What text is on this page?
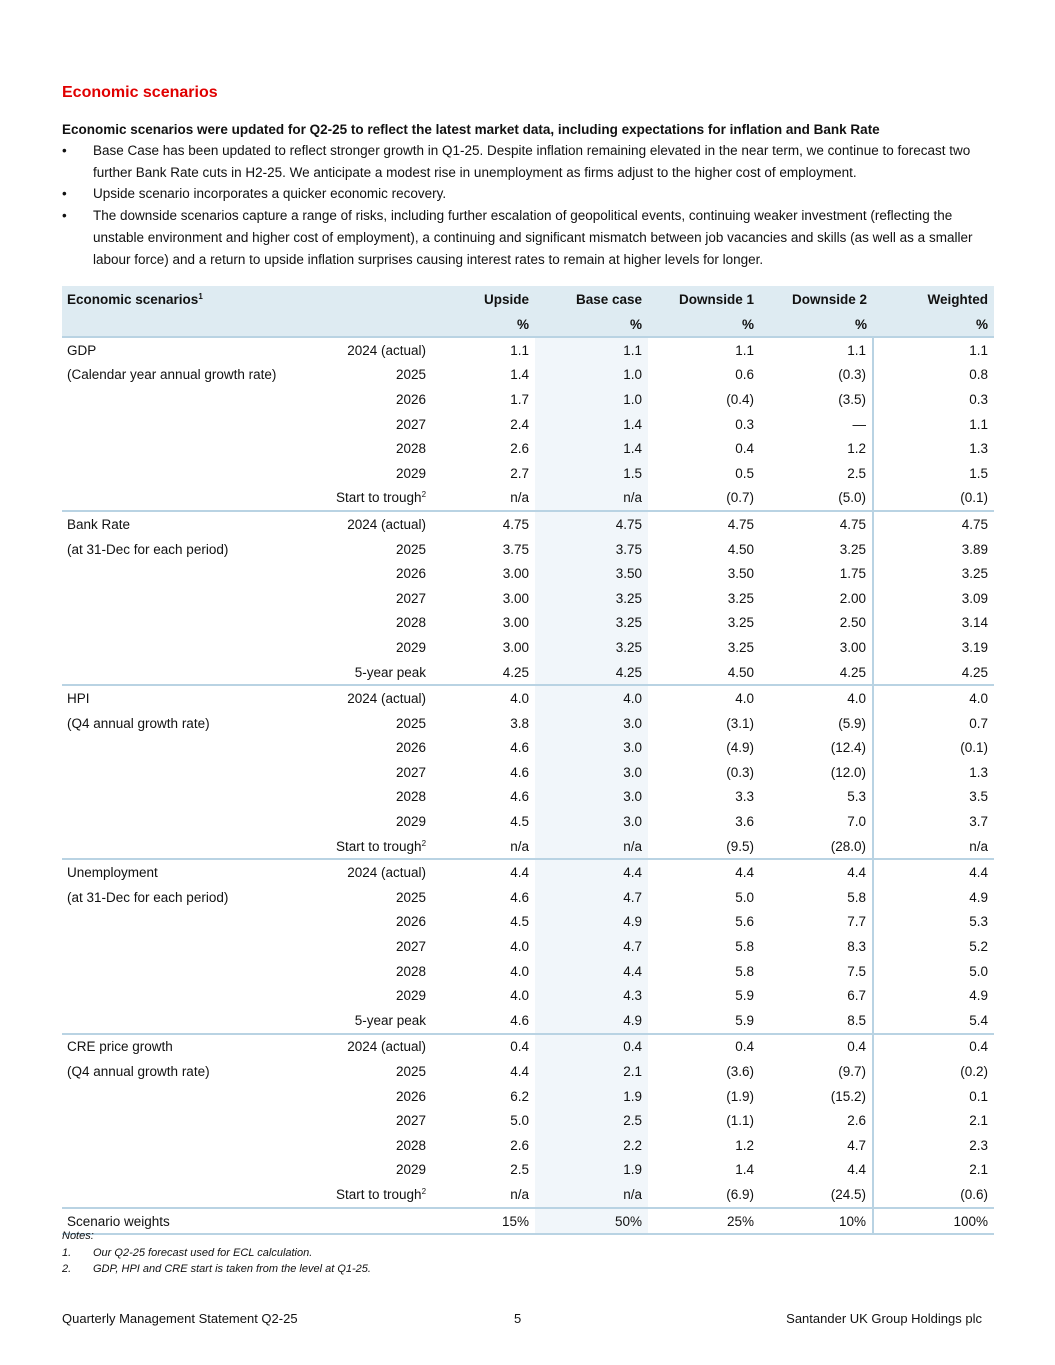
Economic scenarios
Economic scenarios were updated for Q2-25 to reflect the latest market data, including expectations for inflation and Bank Rate
• Base Case has been updated to reflect stronger growth in Q1-25. Despite inflation remaining elevated in the near term, we continue to forecast two further Bank Rate cuts in H2-25. We anticipate a modest rise in unemployment as firms adjust to the higher cost of employment.
• Upside scenario incorporates a quicker economic recovery.
• The downside scenarios capture a range of risks, including further escalation of geopolitical events, continuing weaker investment (reflecting the unstable environment and higher cost of employment), a continuing and significant mismatch between job vacancies and skills (as well as a smaller labour force) and a return to upside inflation surprises causing interest rates to remain at higher levels for longer.
Economic scenarios$^1$		Upside	Base case	Downside 1	Downside 2	Weighted
		%	%	%	%	%
GDP	2024 (actual)	1.1	1.1	1.1	1.1	1.1
(Calendar year annual growth rate)	2025	1.4	1.0	0.6	(0.3)	0.8
	2026	1.7	1.0	(0.4)	(3.5)	0.3
	2027	2.4	1.4	0.3	—	1.1
	2028	2.6	1.4	0.4	1.2	1.3
	2029	2.7	1.5	0.5	2.5	1.5
	Start to trough$^2$	n/a	n/a	(0.7)	(5.0)	(0.1)
Bank Rate	2024 (actual)	4.75	4.75	4.75	4.75	4.75
(at 31-Dec for each period)	2025	3.75	3.75	4.50	3.25	3.89
	2026	3.00	3.50	3.50	1.75	3.25
	2027	3.00	3.25	3.25	2.00	3.09
	2028	3.00	3.25	3.25	2.50	3.14
	2029	3.00	3.25	3.25	3.00	3.19
	5-year peak	4.25	4.25	4.50	4.25	4.25
HPI	2024 (actual)	4.0	4.0	4.0	4.0	4.0
(Q4 annual growth rate)	2025	3.8	3.0	(3.1)	(5.9)	0.7
	2026	4.6	3.0	(4.9)	(12.4)	(0.1)
	2027	4.6	3.0	(0.3)	(12.0)	1.3
	2028	4.6	3.0	3.3	5.3	3.5
	2029	4.5	3.0	3.6	7.0	3.7
	Start to trough$^2$	n/a	n/a	(9.5)	(28.0)	n/a
Unemployment	2024 (actual)	4.4	4.4	4.4	4.4	4.4
(at 31-Dec for each period)	2025	4.6	4.7	5.0	5.8	4.9
	2026	4.5	4.9	5.6	7.7	5.3
	2027	4.0	4.7	5.8	8.3	5.2
	2028	4.0	4.4	5.8	7.5	5.0
	2029	4.0	4.3	5.9	6.7	4.9
	5-year peak	4.6	4.9	5.9	8.5	5.4
CRE price growth	2024 (actual)	0.4	0.4	0.4	0.4	0.4
(Q4 annual growth rate)	2025	4.4	2.1	(3.6)	(9.7)	(0.2)
	2026	6.2	1.9	(1.9)	(15.2)	0.1
	2027	5.0	2.5	(1.1)	2.6	2.1
	2028	2.6	2.2	1.2	4.7	2.3
	2029	2.5	1.9	1.4	4.4	2.1
	Start to trough$^2$	n/a	n/a	(6.9)	(24.5)	(0.6)
Scenario weights		15%	50%	25%	10%	100%
Notes:
1. Our Q2-25 forecast used for ECL calculation.
2. GDP, HPI and CRE start is taken from the level at Q1-25.
Quarterly Management Statement Q2-25	5	Santander UK Group Holdings plc
